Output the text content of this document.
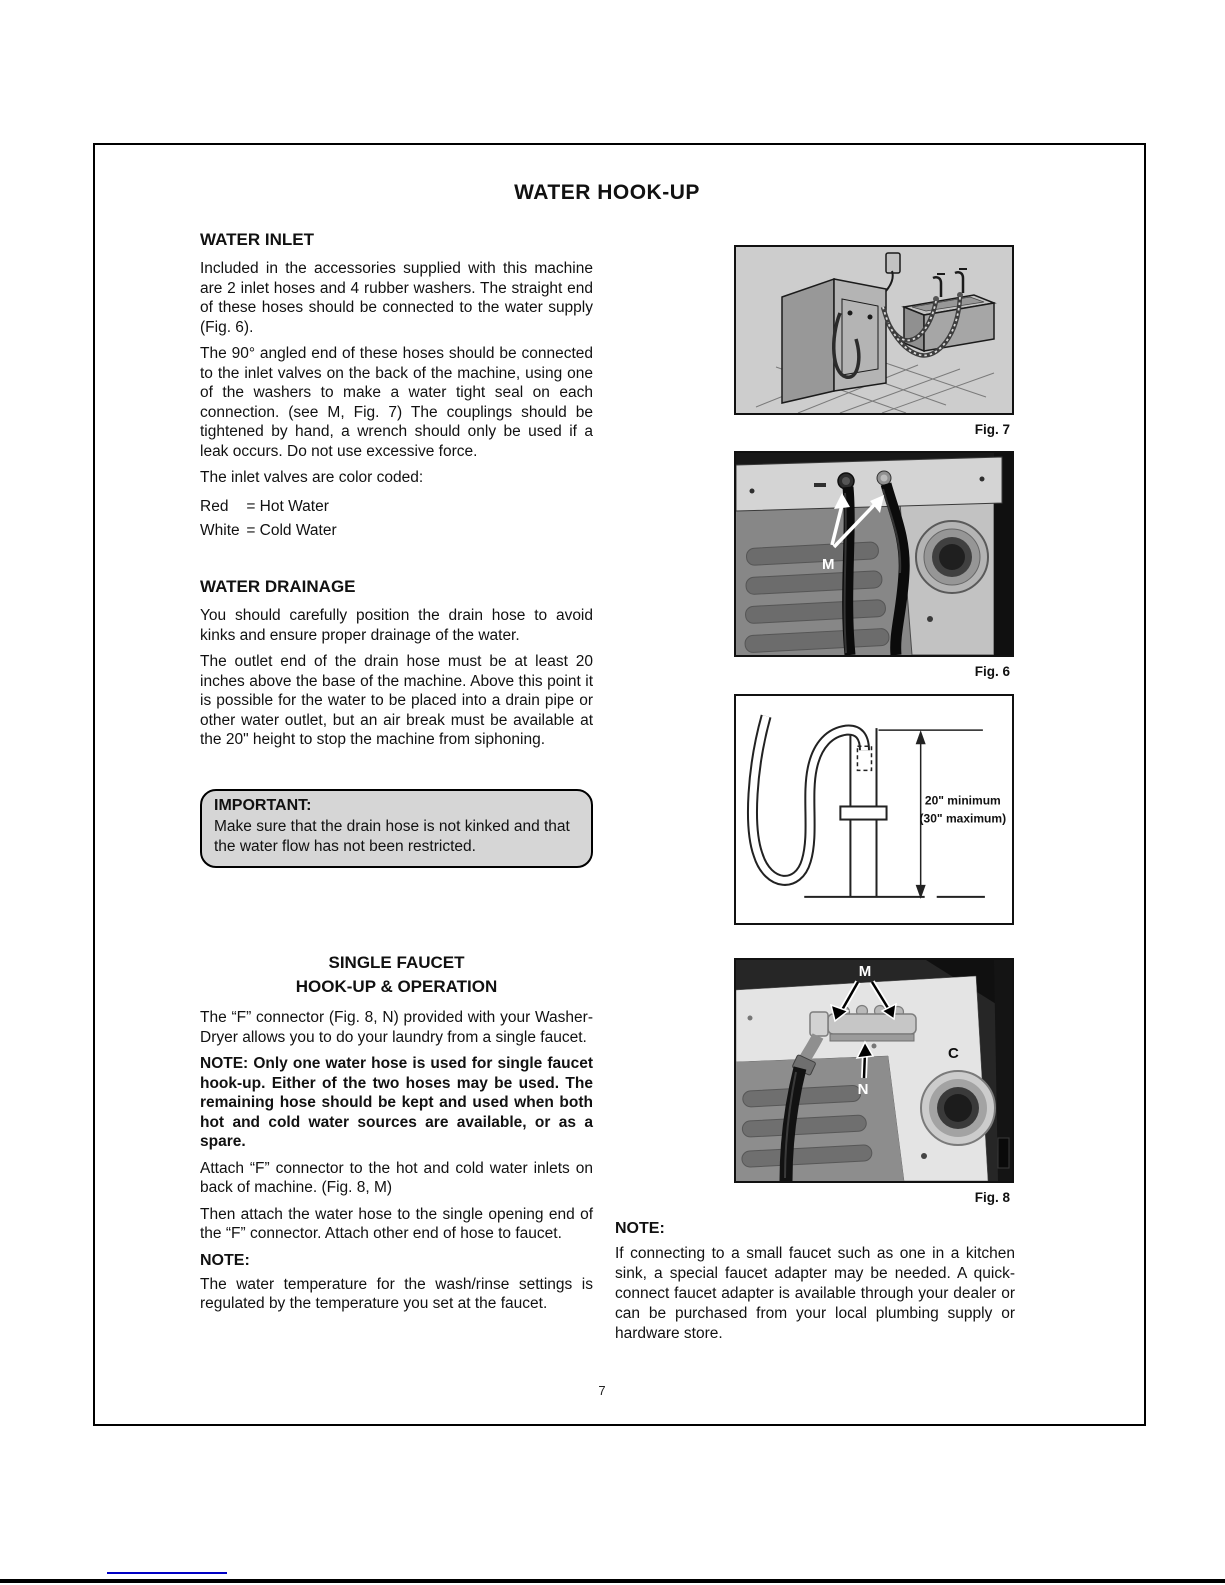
WATER HOOK-UP
WATER INLET

Included in the accessories supplied with this machine are 2 inlet hoses and 4 rubber washers. The straight end of these hoses should be connected to the water supply (Fig. 6).

The 90° angled end of these hoses should be connected to the inlet valves on the back of the machine, using one of the washers to make a water tight seal on each connection. (see M, Fig. 7) The couplings should be tightened by hand, a wrench should only be used if a leak occurs. Do not use excessive force.

The inlet valves are color coded:

Red = Hot Water
White = Cold Water
WATER DRAINAGE

You should carefully position the drain hose to avoid kinks and ensure proper drainage of the water.

The outlet end of the drain hose must be at least 20 inches above the base of the machine. Above this point it is possible for the water to be placed into a drain pipe or other water outlet, but an air break must be available at the 20" height to stop the machine from siphoning.

IMPORTANT:

Make sure that the drain hose is not kinked and that the water flow has not been restricted.

SINGLE FAUCET
HOOK-UP & OPERATION

The “F” connector (Fig. 8, N) provided with your Washer-Dryer allows you to do your laundry from a single faucet.

NOTE: Only one water hose is used for single faucet hook-up. Either of the two hoses may be used. The remaining hose should be kept and used when both hot and cold water sources are available, or as a spare.

Attach “F” connector to the hot and cold water inlets on back of machine. (Fig. 8, M)

Then attach the water hose to the single opening end of the “F” connector. Attach other end of hose to faucet.

NOTE:

The water temperature for the wash/rinse settings is regulated by the temperature you set at the faucet.

Fig. 7
M
Fig. 6
20" minimum
(30" maximum)
M
N
C
Fig. 8
NOTE:

If connecting to a small faucet such as one in a kitchen sink, a special faucet adapter may be needed. A quick-connect faucet adapter is available through your dealer or can be purchased from your local plumbing supply or hardware store.

7
